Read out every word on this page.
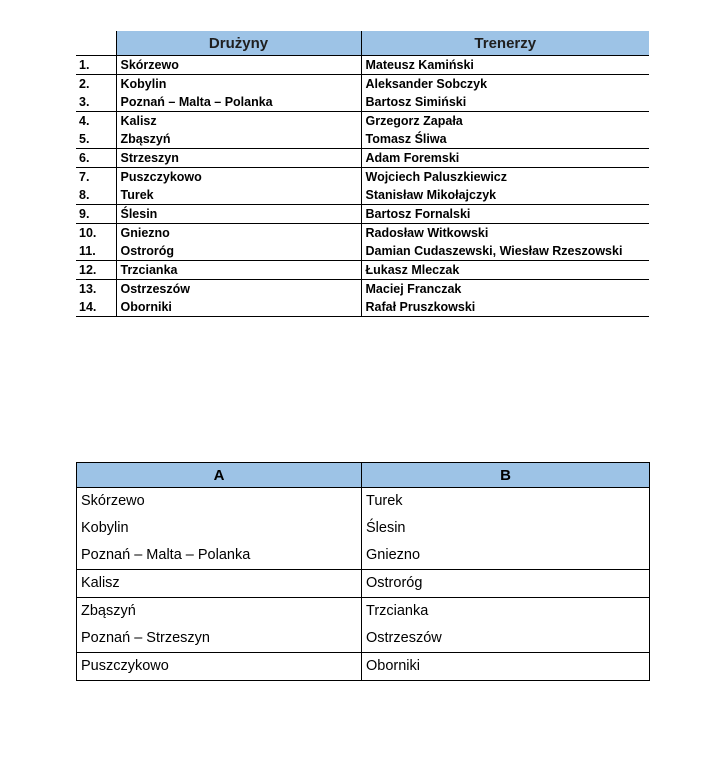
	Drużyny	Trenerzy
1.	Skórzewo	Mateusz Kamiński
2.	Kobylin	Aleksander Sobczyk
3.	Poznań – Malta – Polanka	Bartosz Simiński
4.	Kalisz	Grzegorz Zapała
5.	Zbąszyń	Tomasz Śliwa
6.	Strzeszyn	Adam Foremski
7.	Puszczykowo	Wojciech Paluszkiewicz
8.	Turek	Stanisław Mikołajczyk
9.	Ślesin	Bartosz Fornalski
10.	Gniezno	Radosław Witkowski
11.	Ostroróg	Damian Cudaszewski, Wiesław Rzeszowski
12.	Trzcianka	Łukasz Mleczak
13.	Ostrzeszów	Maciej Franczak
14.	Oborniki	Rafał Pruszkowski
A	B
Skórzewo	Turek
Kobylin	Ślesin
Poznań – Malta – Polanka	Gniezno
Kalisz	Ostroróg
Zbąszyń	Trzcianka
Poznań – Strzeszyn	Ostrzeszów
Puszczykowo	Oborniki
